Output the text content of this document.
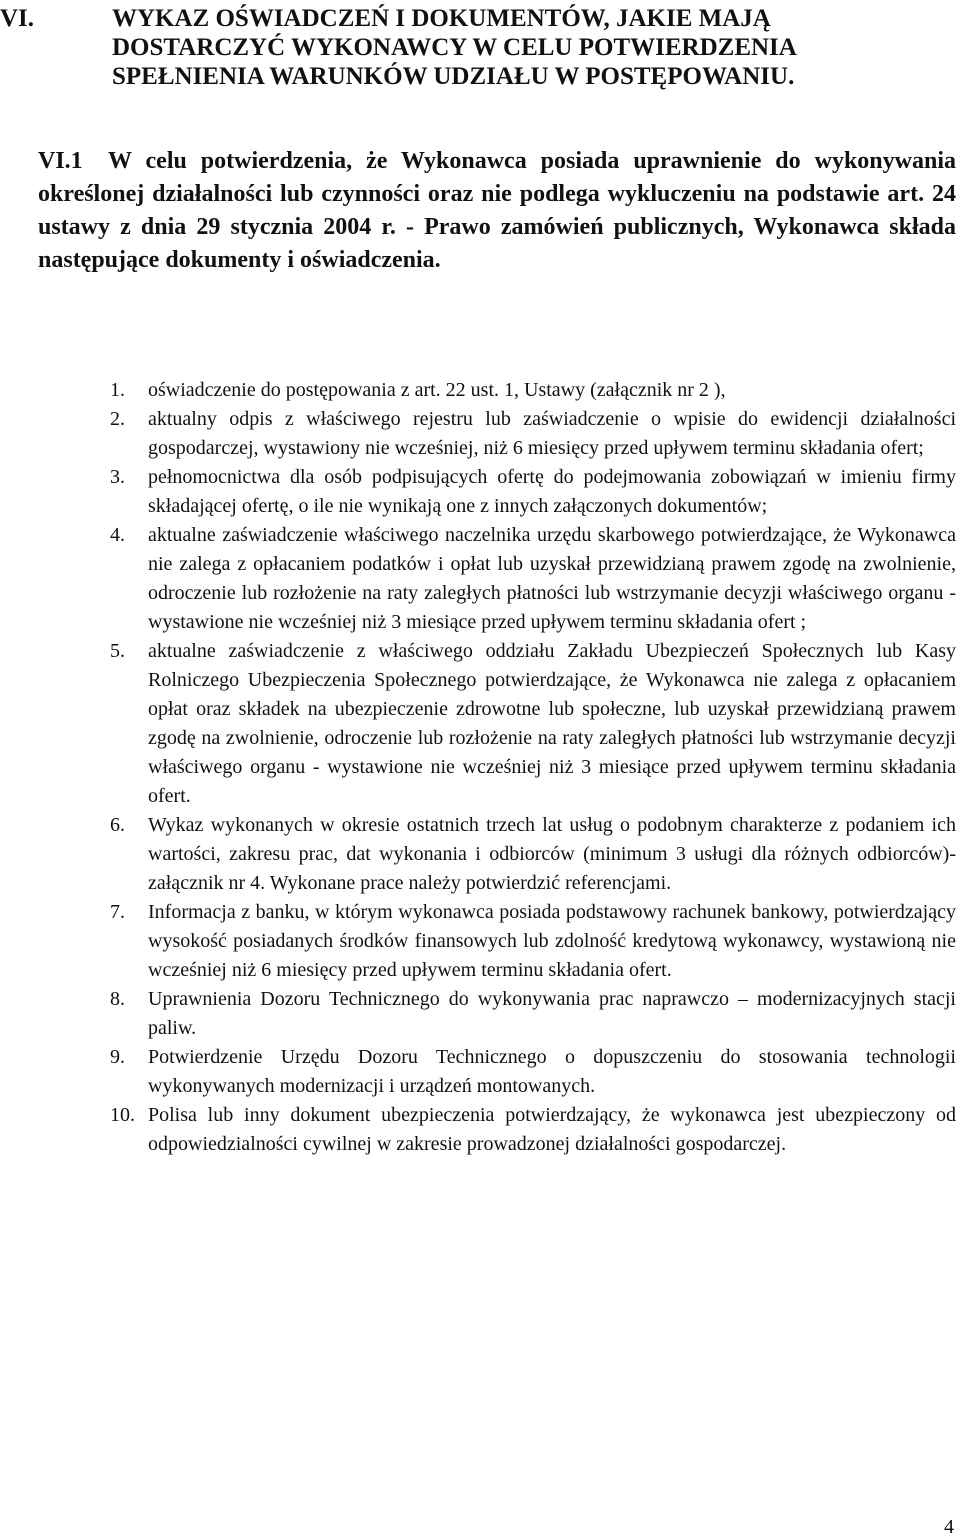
VI.	WYKAZ OŚWIADCZEŃ I DOKUMENTÓW, JAKIE MAJĄ DOSTARCZYĆ WYKONAWCY W CELU POTWIERDZENIA SPEŁNIENIA WARUNKÓW UDZIAŁU W POSTĘPOWANIU.

VI.1 W celu potwierdzenia, że Wykonawca posiada uprawnienie do wykonywania określonej działalności lub czynności oraz nie podlega wykluczeniu na podstawie art. 24 ustawy z dnia 29 stycznia 2004 r. - Prawo zamówień publicznych, Wykonawca składa następujące dokumenty i oświadczenia.

1. oświadczenie do postępowania z art. 22 ust. 1, Ustawy (załącznik nr 2 ),
2. aktualny odpis z właściwego rejestru lub zaświadczenie o wpisie do ewidencji działalności gospodarczej, wystawiony nie wcześniej, niż 6 miesięcy przed upływem terminu składania ofert;
3. pełnomocnictwa dla osób podpisujących ofertę do podejmowania zobowiązań w imieniu firmy składającej ofertę, o ile nie wynikają one z innych załączonych dokumentów;
4. aktualne zaświadczenie właściwego naczelnika urzędu skarbowego potwierdzające, że Wykonawca nie zalega z opłacaniem podatków i opłat lub uzyskał przewidzianą prawem zgodę na zwolnienie, odroczenie lub rozłożenie na raty zaległych płatności lub wstrzymanie decyzji właściwego organu - wystawione nie wcześniej niż 3 miesiące przed upływem terminu składania ofert ;
5. aktualne zaświadczenie z właściwego oddziału Zakładu Ubezpieczeń Społecznych lub Kasy Rolniczego Ubezpieczenia Społecznego potwierdzające, że Wykonawca nie zalega z opłacaniem opłat oraz składek na ubezpieczenie zdrowotne lub społeczne, lub uzyskał przewidzianą prawem zgodę na zwolnienie, odroczenie lub rozłożenie na raty zaległych płatności lub wstrzymanie decyzji właściwego organu - wystawione nie wcześniej niż 3 miesiące przed upływem terminu składania ofert.
6. Wykaz wykonanych w okresie ostatnich trzech lat usług o podobnym charakterze z podaniem ich wartości, zakresu prac, dat wykonania i odbiorców (minimum 3 usługi dla różnych odbiorców)- załącznik nr 4. Wykonane prace należy potwierdzić referencjami.
7. Informacja z banku, w którym wykonawca posiada podstawowy rachunek bankowy, potwierdzający wysokość posiadanych środków finansowych lub zdolność kredytową wykonawcy, wystawioną nie wcześniej niż 6 miesięcy przed upływem terminu składania ofert.
8. Uprawnienia Dozoru Technicznego do wykonywania prac naprawczo – modernizacyjnych stacji paliw.
9. Potwierdzenie Urzędu Dozoru Technicznego o dopuszczeniu do stosowania technologii wykonywanych modernizacji i urządzeń montowanych.
10. Polisa lub inny dokument ubezpieczenia potwierdzający, że wykonawca jest ubezpieczony od odpowiedzialności cywilnej w zakresie prowadzonej działalności gospodarczej.
4
